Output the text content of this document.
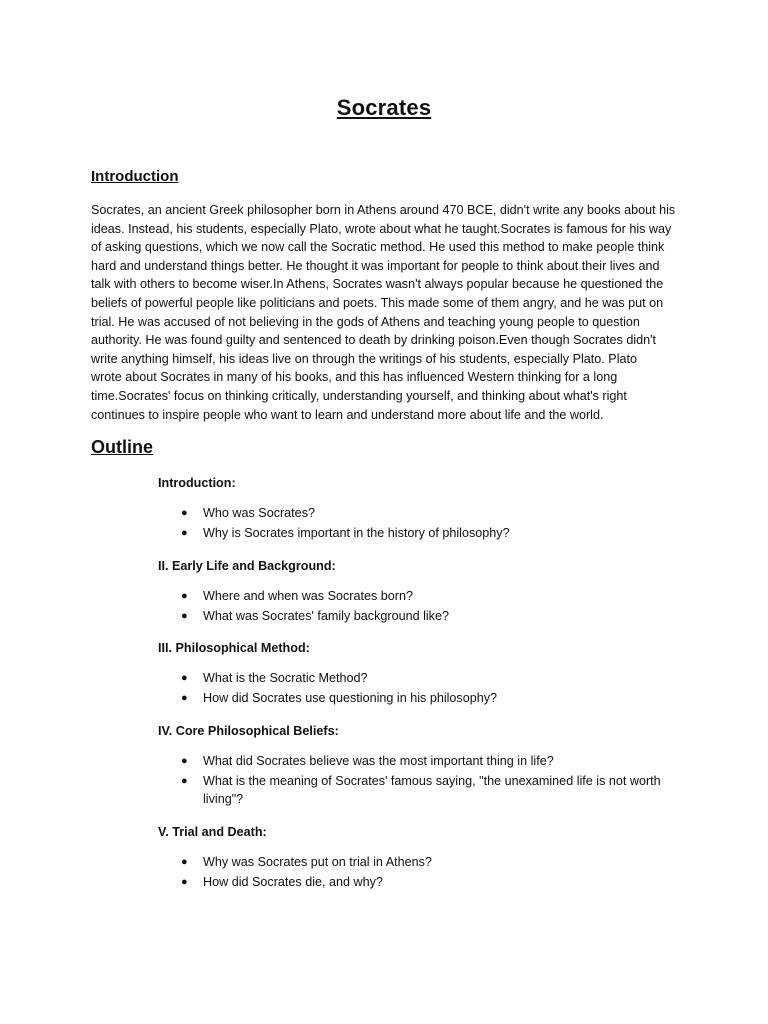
Socrates
Introduction
Socrates, an ancient Greek philosopher born in Athens around 470 BCE, didn't write any books about his
ideas. Instead, his students, especially Plato, wrote about what he taught.Socrates is famous for his way
of asking questions, which we now call the Socratic method. He used this method to make people think
hard and understand things better. He thought it was important for people to think about their lives and
talk with others to become wiser.In Athens, Socrates wasn't always popular because he questioned the
beliefs of powerful people like politicians and poets. This made some of them angry, and he was put on
trial. He was accused of not believing in the gods of Athens and teaching young people to question
authority. He was found guilty and sentenced to death by drinking poison.Even though Socrates didn't
write anything himself, his ideas live on through the writings of his students, especially Plato. Plato
wrote about Socrates in many of his books, and this has influenced Western thinking for a long
time.Socrates' focus on thinking critically, understanding yourself, and thinking about what's right
continues to inspire people who want to learn and understand more about life and the world.
Outline

Introduction:

● Who was Socrates?
● Why is Socrates important in the history of philosophy?

II. Early Life and Background:

● Where and when was Socrates born?
● What was Socrates' family background like?

III. Philosophical Method:

● What is the Socratic Method?
● How did Socrates use questioning in his philosophy?

IV. Core Philosophical Beliefs:

● What did Socrates believe was the most important thing in life?
● What is the meaning of Socrates' famous saying, "the unexamined life is not worth living"?

V. Trial and Death:

● Why was Socrates put on trial in Athens?
● How did Socrates die, and why?
